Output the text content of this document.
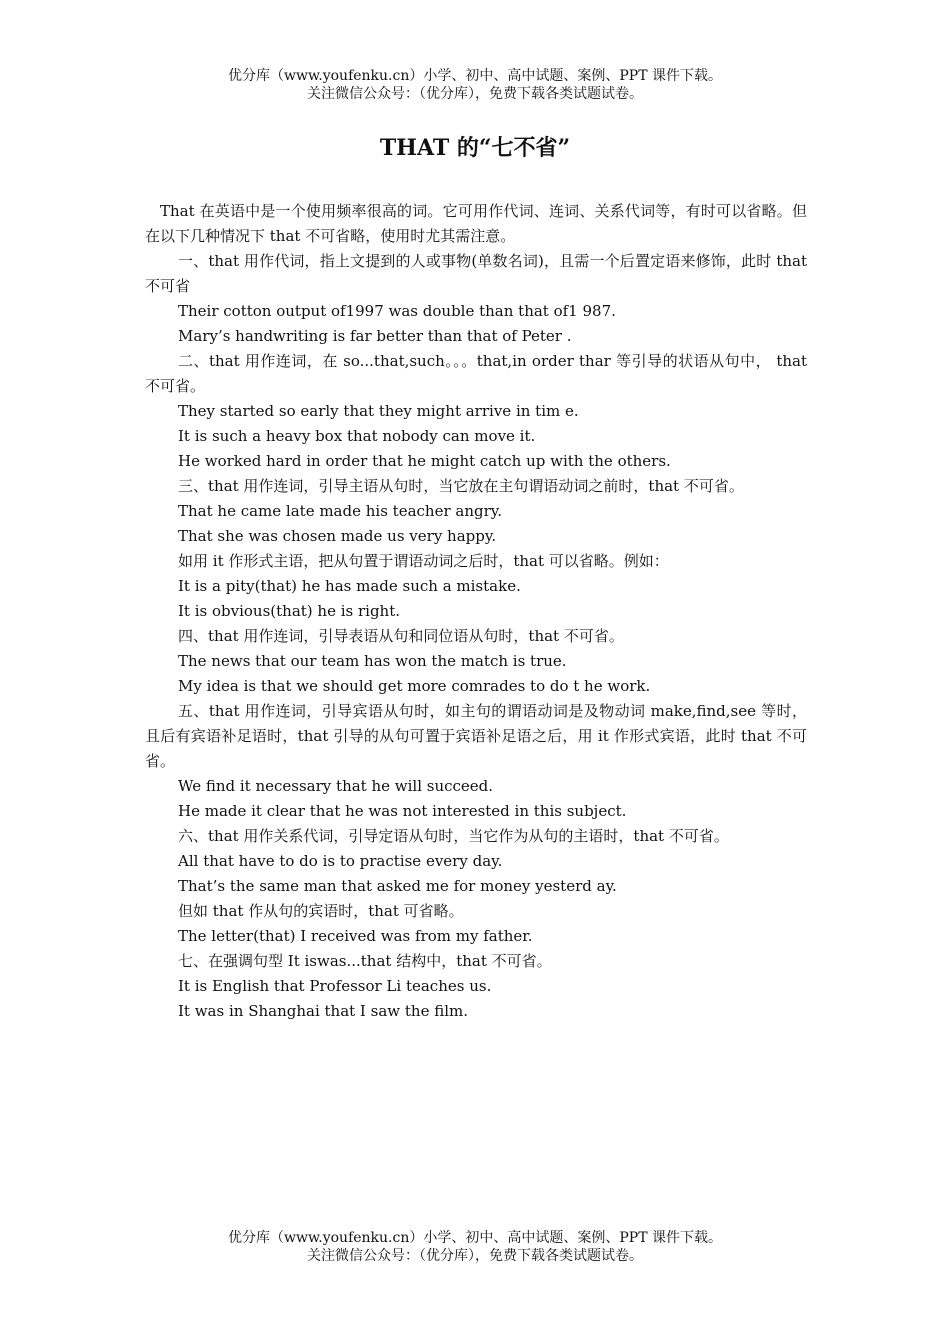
优分库（www.youfenku.cn）小学、初中、高中试题、案例、PPT 课件下载。
关注微信公众号：（优分库），免费下载各类试题试卷。
THAT 的“七不省”

That 在英语中是一个使用频率很高的词。它可用作代词、连词、关系代词等，有时可以省略。但在以下几种情况下 that 不可省略，使用时尤其需注意。

一、that 用作代词，指上文提到的人或事物(单数名词)，且需一个后置定语来修饰，此时 that 不可省

Their cotton output of1997 was double than that of1 987.

Mary’s handwriting is far better than that of Peter .

二、that 用作连词，在 so...that,such。。。that,in order thar 等引导的状语从句中， that 不可省。

They started so early that they might arrive in tim e.

It is such a heavy box that nobody can move it.

He worked hard in order that he might catch up with the others.

三、that 用作连词，引导主语从句时，当它放在主句谓语动词之前时，that 不可省。

That he came late made his teacher angry.

That she was chosen made us very happy.

如用 it 作形式主语，把从句置于谓语动词之后时，that 可以省略。例如：

It is a pity(that) he has made such a mistake.

It is obvious(that) he is right.

四、that 用作连词，引导表语从句和同位语从句时，that 不可省。

The news that our team has won the match is true.

My idea is that we should get more comrades to do t he work.

五、that 用作连词，引导宾语从句时，如主句的谓语动词是及物动词 make,find,see 等时，且后有宾语补足语时，that 引导的从句可置于宾语补足语之后，用 it 作形式宾语，此时 that 不可省。

We find it necessary that he will succeed.

He made it clear that he was not interested in this subject.

六、that 用作关系代词，引导定语从句时，当它作为从句的主语时，that 不可省。

All that have to do is to practise every day.

That’s the same man that asked me for money yesterd ay.

但如 that 作从句的宾语时，that 可省略。

The letter(that) I received was from my father.

七、在强调句型 It iswas...that 结构中，that 不可省。

It is English that Professor Li teaches us.

It was in Shanghai that I saw the film.

优分库（www.youfenku.cn）小学、初中、高中试题、案例、PPT 课件下载。
关注微信公众号：（优分库），免费下载各类试题试卷。
